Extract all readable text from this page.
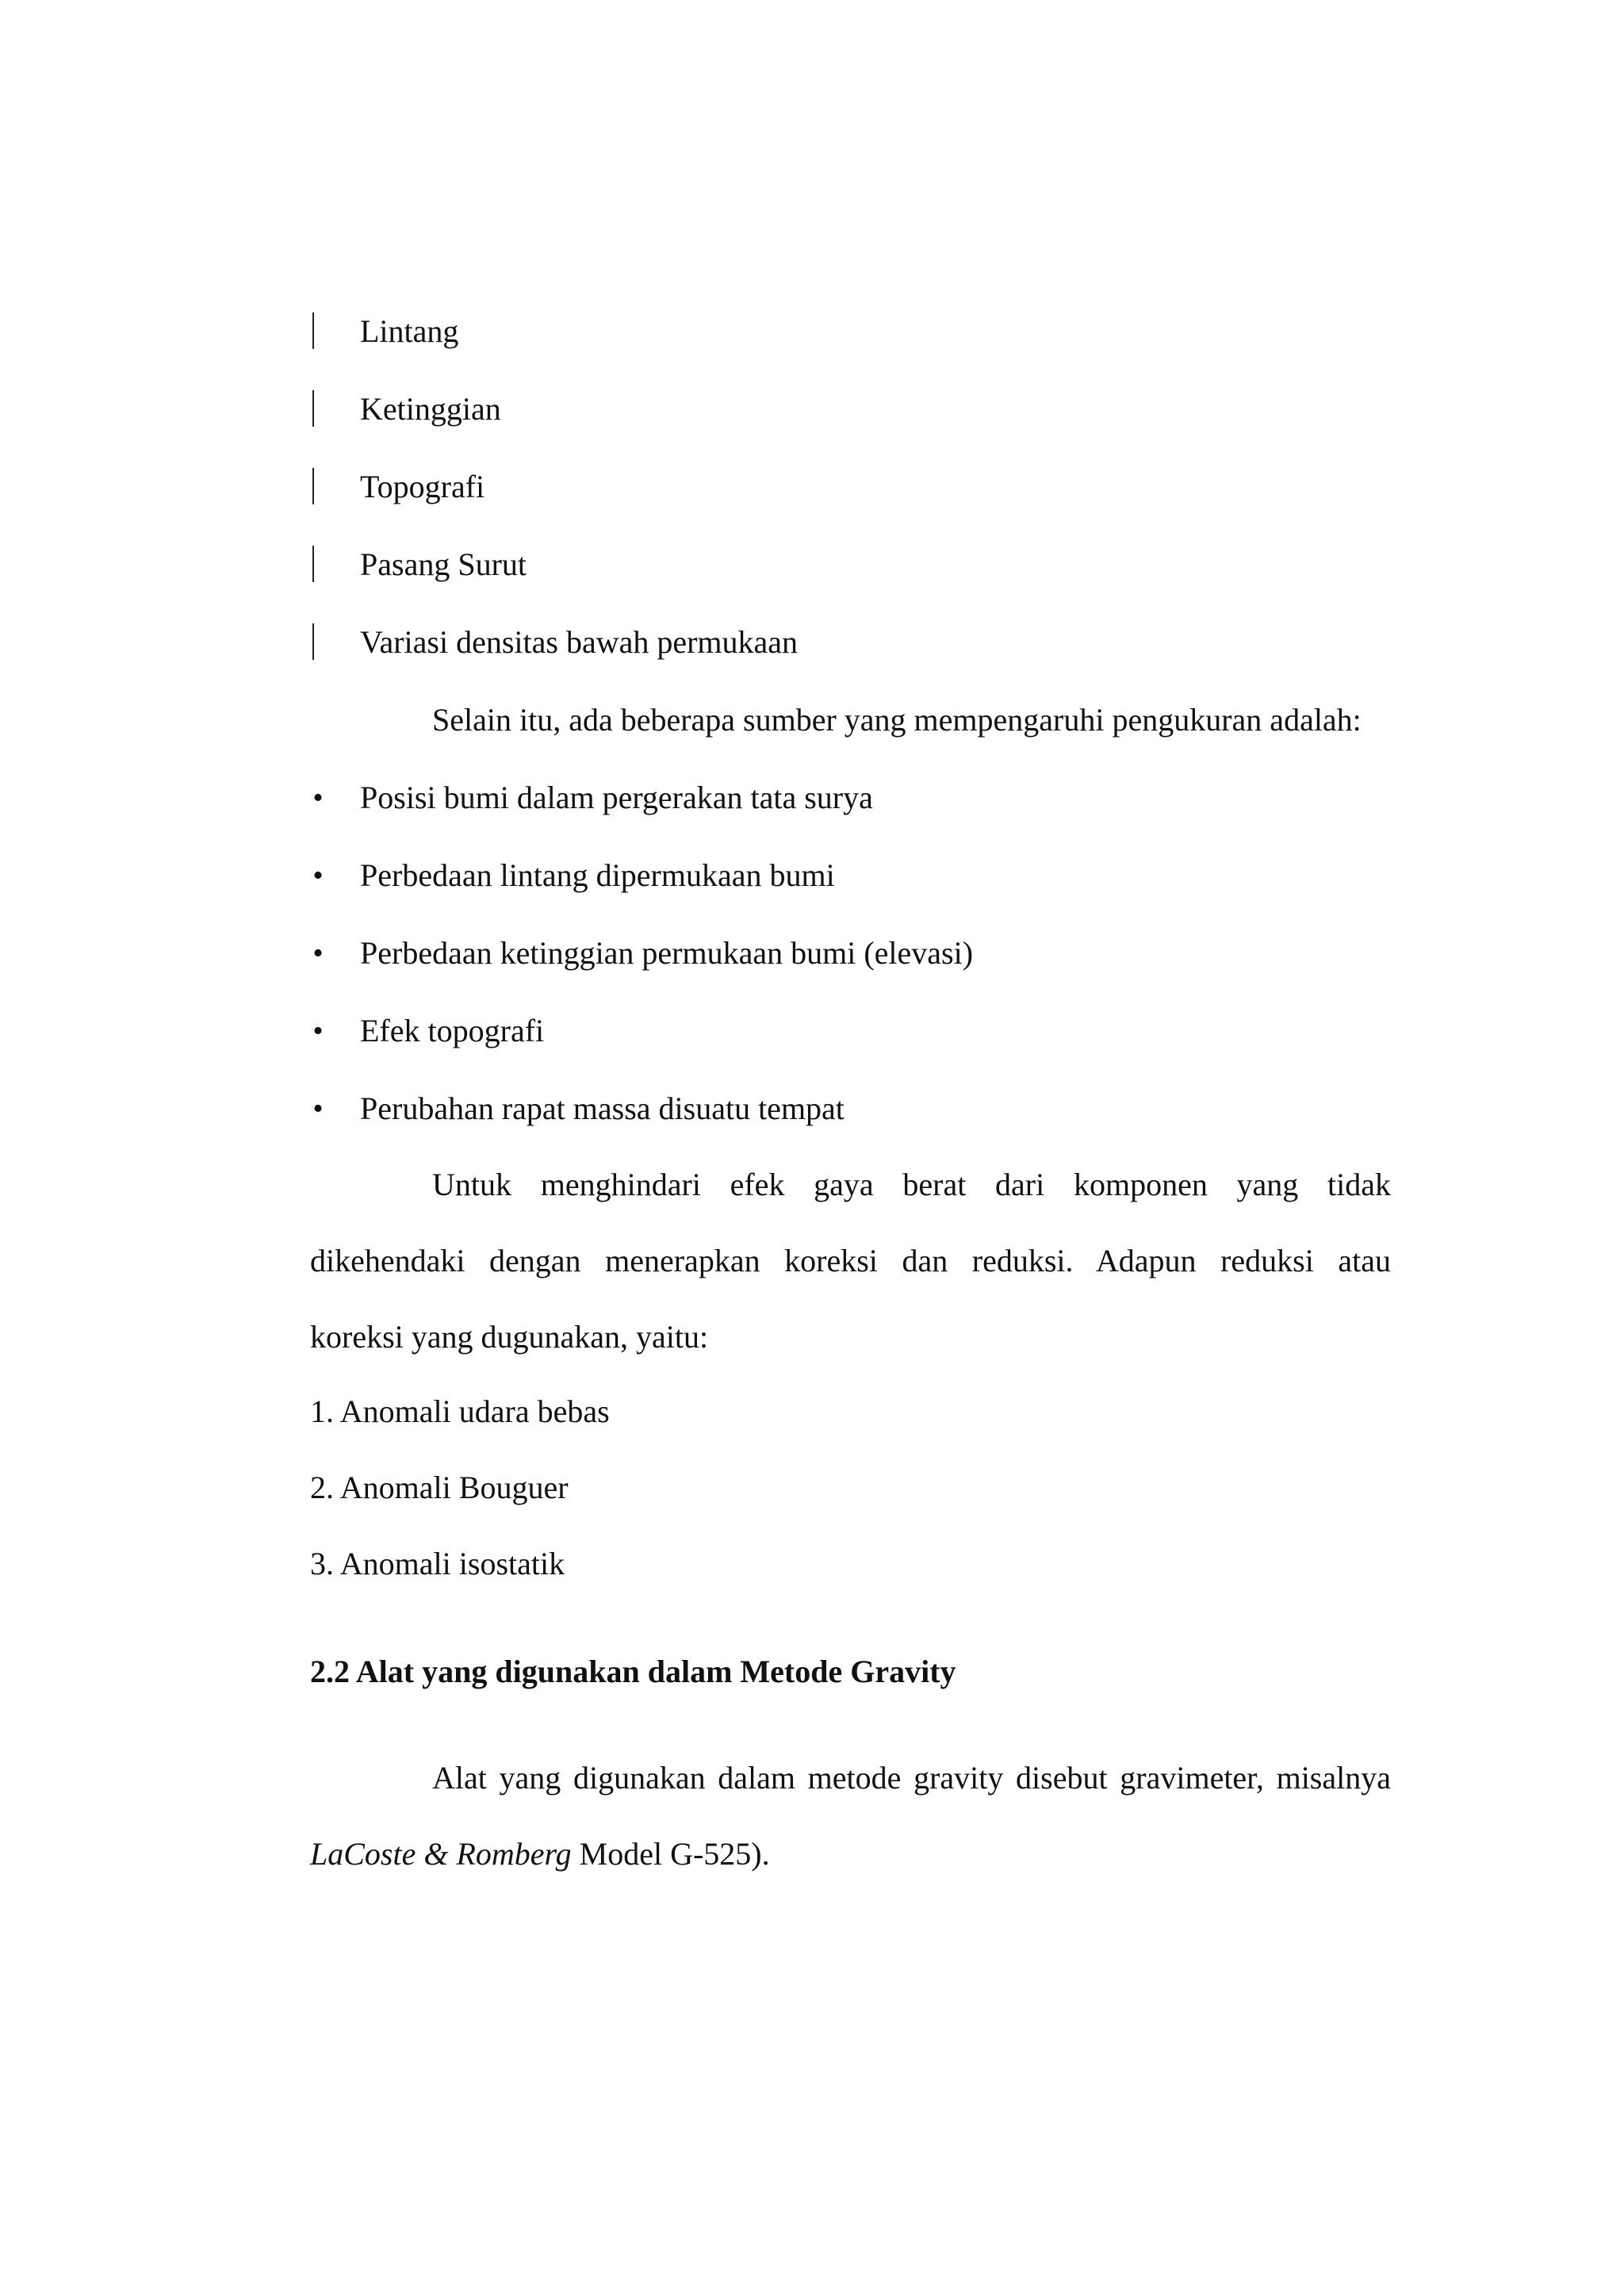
Lintang
Ketinggian
Topografi
Pasang Surut
Variasi densitas bawah permukaan
Selain itu, ada beberapa sumber yang mempengaruhi pengukuran adalah:
• Posisi bumi dalam pergerakan tata surya
• Perbedaan lintang dipermukaan bumi
• Perbedaan ketinggian permukaan bumi (elevasi)
• Efek topografi
• Perubahan rapat massa disuatu tempat
Untuk menghindari efek gaya berat dari komponen yang tidak
dikehendaki dengan menerapkan koreksi dan reduksi. Adapun reduksi atau
koreksi yang dugunakan, yaitu:
1. Anomali udara bebas
2. Anomali Bouguer
3. Anomali isostatik
2.2 Alat yang digunakan dalam Metode Gravity
Alat yang digunakan dalam metode gravity disebut gravimeter, misalnya
LaCoste & Romberg Model G-525).
